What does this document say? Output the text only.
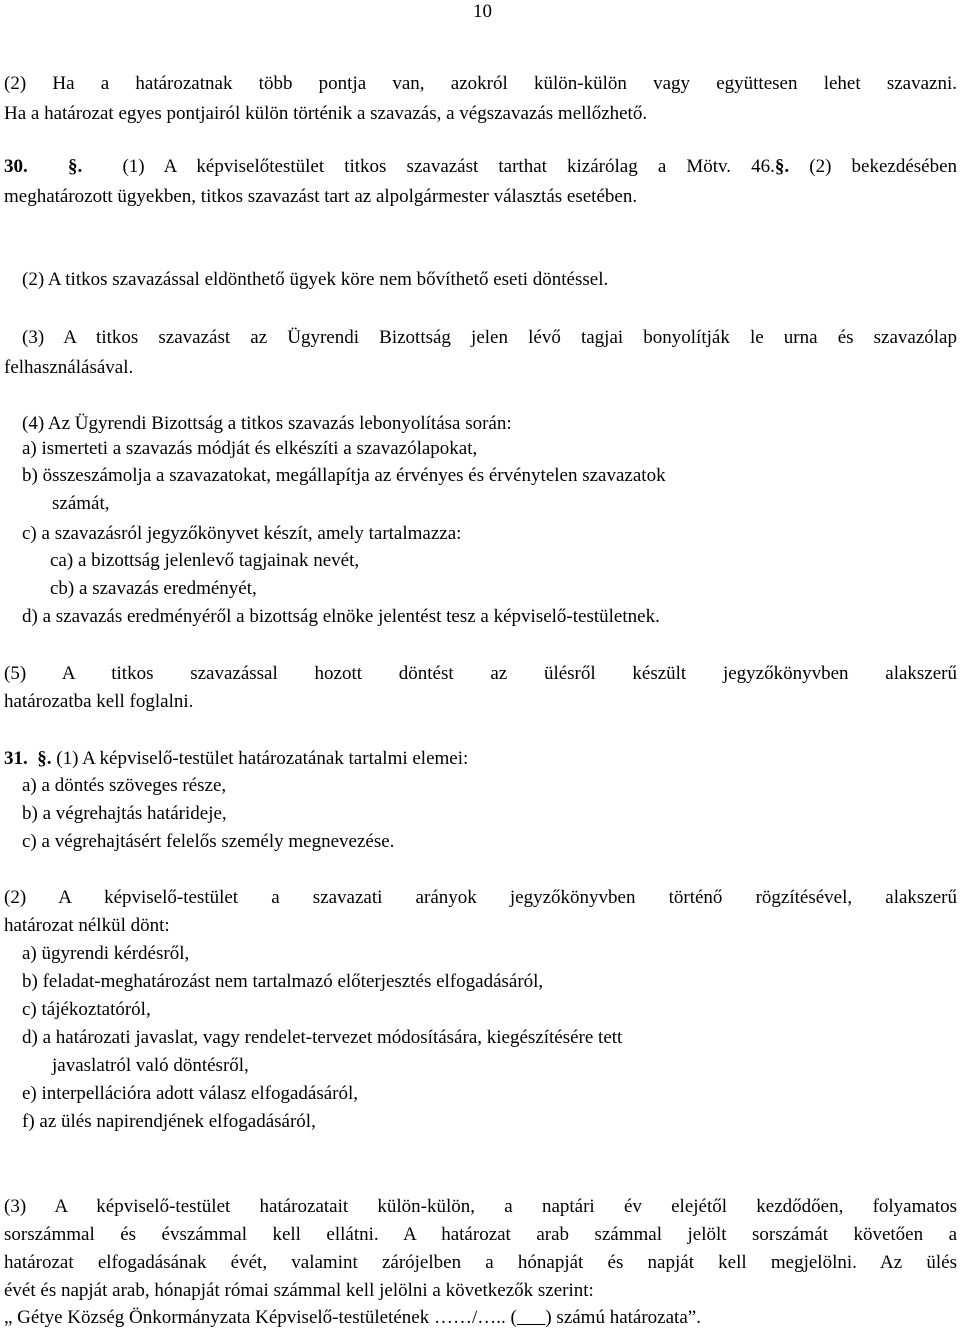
10
(2) Ha a határozatnak több pontja van, azokról külön-külön vagy együttesen lehet szavazni.
Ha a határozat egyes pontjairól külön történik a szavazás, a végszavazás mellőzhető.
30. §. (1) A képviselőtestület titkos szavazást tarthat kizárólag a Mötv. 46.§. (2) bekezdésében
meghatározott ügyekben, titkos szavazást tart az alpolgármester választás esetében.
(2) A titkos szavazással eldönthető ügyek köre nem bővíthető eseti döntéssel.
(3) A titkos szavazást az Ügyrendi Bizottság jelen lévő tagjai bonyolítják le urna és szavazólap
felhasználásával.
(4) Az Ügyrendi Bizottság a titkos szavazás lebonyolítása során:
a) ismerteti a szavazás módját és elkészíti a szavazólapokat,
b) összeszámolja a szavazatokat, megállapítja az érvényes és érvénytelen szavazatok
számát,
c) a szavazásról jegyzőkönyvet készít, amely tartalmazza:
ca) a bizottság jelenlevő tagjainak nevét,
cb) a szavazás eredményét,
d) a szavazás eredményéről a bizottság elnöke jelentést tesz a képviselő-testületnek.
(5) A titkos szavazással hozott döntést az ülésről készült jegyzőkönyvben alakszerű
határozatba kell foglalni.
31. §. (1) A képviselő-testület határozatának tartalmi elemei:
a) a döntés szöveges része,
b) a végrehajtás határideje,
c) a végrehajtásért felelős személy megnevezése.
(2) A képviselő-testület a szavazati arányok jegyzőkönyvben történő rögzítésével, alakszerű
határozat nélkül dönt:
a) ügyrendi kérdésről,
b) feladat-meghatározást nem tartalmazó előterjesztés elfogadásáról,
c) tájékoztatóról,
d) a határozati javaslat, vagy rendelet-tervezet módosítására, kiegészítésére tett
javaslatról való döntésről,
e) interpellációra adott válasz elfogadásáról,
f) az ülés napirendjének elfogadásáról,
(3) A képviselő-testület határozatait külön-külön, a naptári év elejétől kezdődően, folyamatos
sorszámmal és évszámmal kell ellátni. A határozat arab számmal jelölt sorszámát követően a
határozat elfogadásának évét, valamint zárójelben a hónapját és napját kell megjelölni. Az ülés
évét és napját arab, hónapját római számmal kell jelölni a következők szerint:
„ Gétye Község Önkormányzata Képviselő-testületének ……/….. ( ) számú határozata”.
